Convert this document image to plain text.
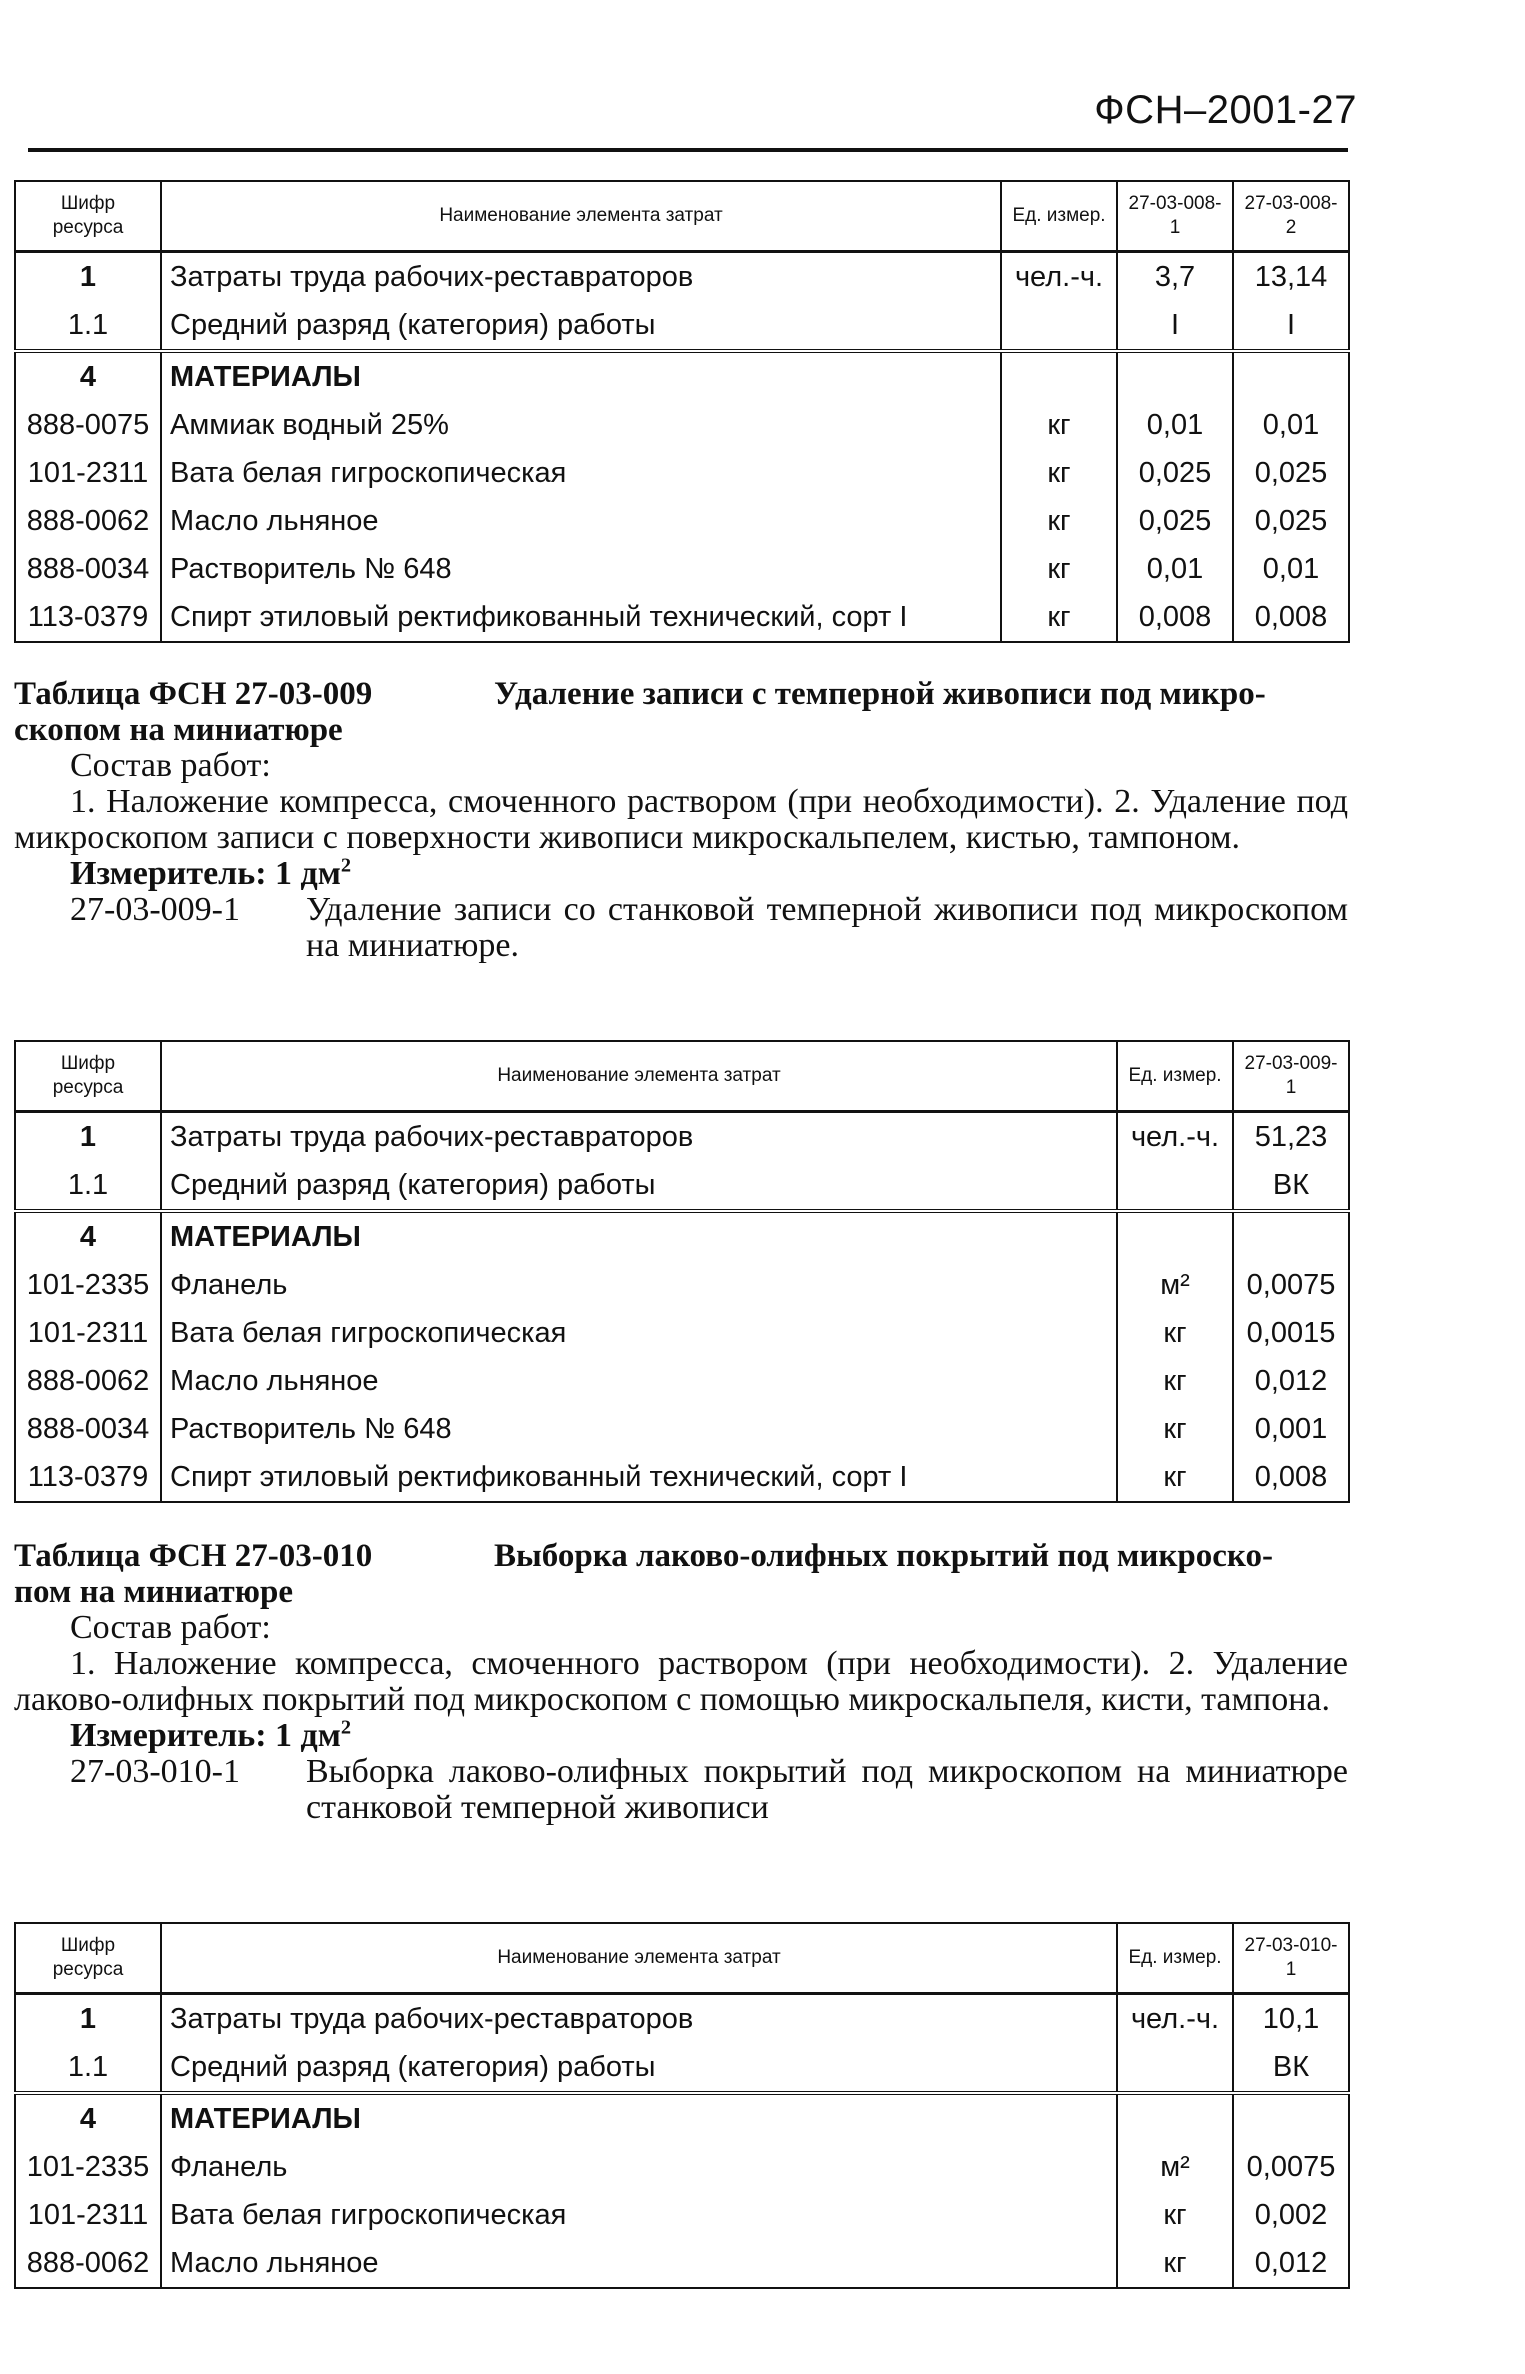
ФСН–2001-27
Шифр ресурса	Наименование элемента затрат	Ед. измер.	27-03-008-1	27-03-008-2
1	Затраты труда рабочих-реставраторов	чел.-ч.	3,7	13,14
1.1	Средний разряд (категория) работы		I	I
4	МАТЕРИАЛЫ			
888-0075	Аммиак водный 25%	кг	0,01	0,01
101-2311	Вата белая гигроскопическая	кг	0,025	0,025
888-0062	Масло льняное	кг	0,025	0,025
888-0034	Растворитель № 648	кг	0,01	0,01
113-0379	Спирт этиловый ректификованный технический, сорт I	кг	0,008	0,008
Таблица ФСН 27-03-009	Удаление записи с темперной живописи под микро-
скопом на миниатюре
Состав работ:
1. Наложение компресса, смоченного раствором (при необходимости). 2. Удаление под микроскопом записи с поверхности живописи микроскальпелем, кистью, тампоном.
Измеритель: 1 $дм^2$
27-03-009-1	Удаление записи со станковой темперной живописи под микроскопом на миниатюре.
Шифр ресурса	Наименование элемента затрат	Ед. измер.	27-03-009-1
1	Затраты труда рабочих-реставраторов	чел.-ч.	51,23
1.1	Средний разряд (категория) работы		ВК
4	МАТЕРИАЛЫ		
101-2335	Фланель	м²	0,0075
101-2311	Вата белая гигроскопическая	кг	0,0015
888-0062	Масло льняное	кг	0,012
888-0034	Растворитель № 648	кг	0,001
113-0379	Спирт этиловый ректификованный технический, сорт I	кг	0,008
Таблица ФСН 27-03-010	Выборка лаково-олифных покрытий под микроско-
пом на миниатюре
Состав работ:
1. Наложение компресса, смоченного раствором (при необходимости). 2. Удаление лаково-олифных покрытий под микроскопом с помощью микроскальпеля, кисти, тампона.
Измеритель: 1 $дм^2$
27-03-010-1	Выборка лаково-олифных покрытий под микроскопом на миниатюре станковой темперной живописи
Шифр ресурса	Наименование элемента затрат	Ед. измер.	27-03-010-1
1	Затраты труда рабочих-реставраторов	чел.-ч.	10,1
1.1	Средний разряд (категория) работы		ВК
4	МАТЕРИАЛЫ		
101-2335	Фланель	м²	0,0075
101-2311	Вата белая гигроскопическая	кг	0,002
888-0062	Масло льняное	кг	0,012
